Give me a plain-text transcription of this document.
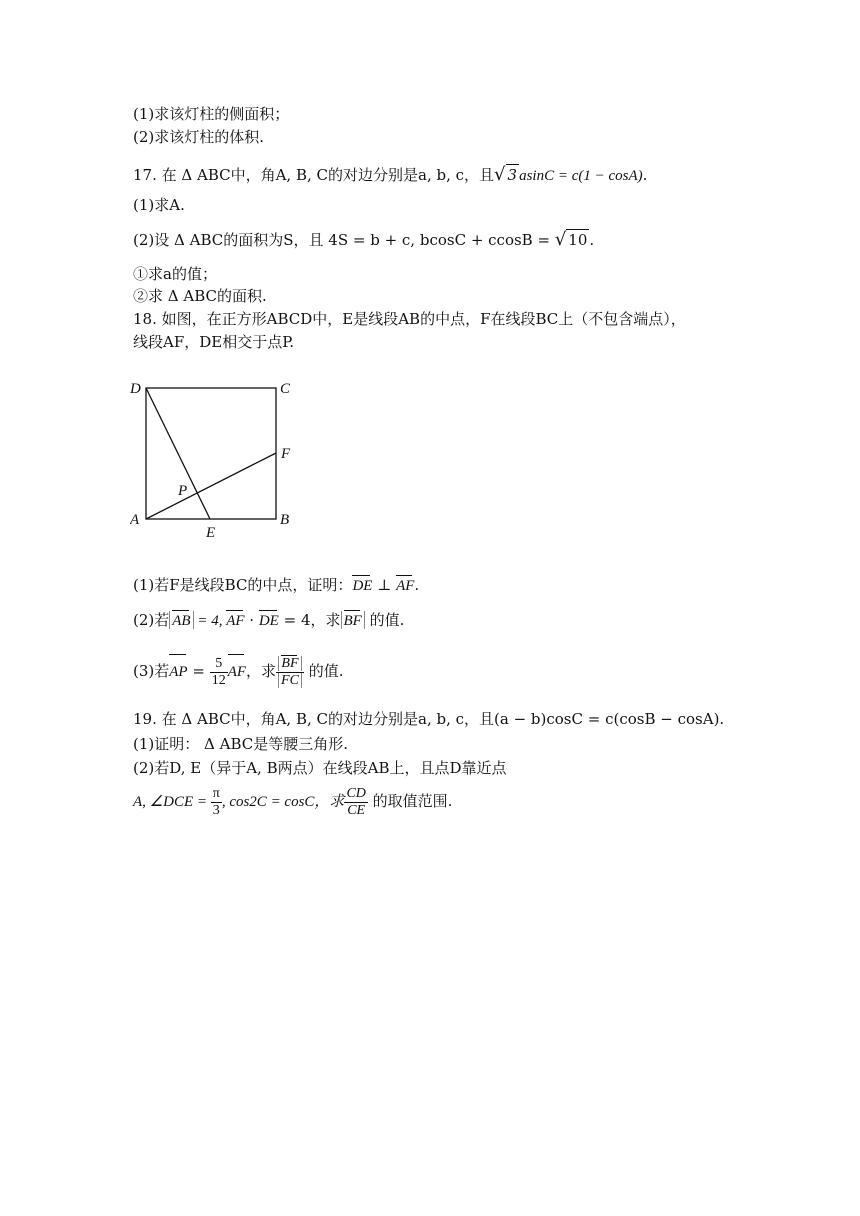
(1)求该灯柱的侧面积；
(2)求该灯柱的体积.
17. 在 Δ ABC中，角A, B, C的对边分别是a, b, c，且√ 3 asinC = c(1 − cosA).
(1)求A.
(2)设 Δ ABC的面积为S，且 4S = b + c, bcosC + ccosB = √ 10 .
①求a的值；
②求 Δ ABC的面积.
18. 如图，在正方形ABCD中，E是线段AB的中点，F在线段BC上（不包含端点），
线段AF，DE相交于点P.
D	C
F
P
A	B
E
(1)若F是线段BC的中点，证明：DE ⊥ AF.
(2)若 AB = 4, AF · DE = 4，求 BF 的值.
(3)若AP = $\frac{5}{12}$ AF，求 $\frac{BF}{FC}$ 的值.
19. 在 Δ ABC中，角A, B, C的对边分别是a, b, c，且(a − b)cosC = c(cosB − cosA).
(1)证明： Δ ABC是等腰三角形.
(2)若D, E（异于A, B两点）在线段AB上，且点D靠近点
A, ∠DCE = $\frac{\pi}{3}$ , cos2C = cosC，求 $\frac{CD}{CE}$ 的取值范围.
